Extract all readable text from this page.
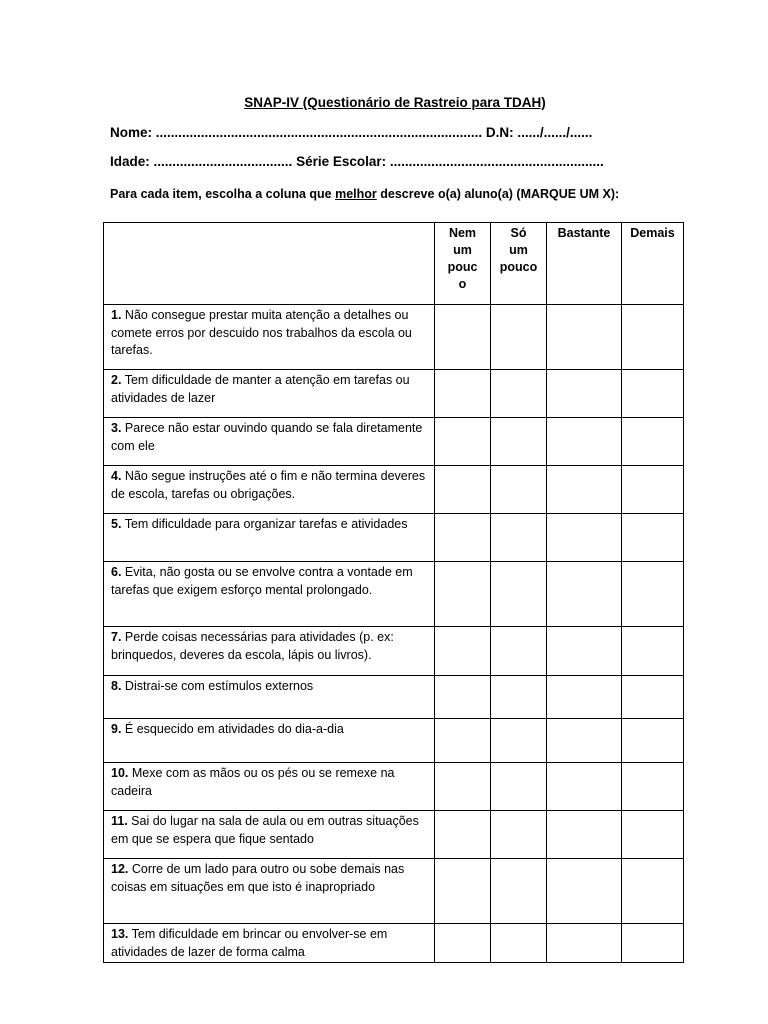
SNAP-IV (Questionário de Rastreio para TDAH)
Nome: ....................................................................................... D.N: ....../....../......
Idade: ..................................... Série Escolar: .........................................................
Para cada item, escolha a coluna que melhor descreve o(a) aluno(a) (MARQUE UM X):

	Nem
um
pouc
o	Só
um
pouco	Bastante	Demais

1. Não consegue prestar muita atenção a detalhes ou comete erros por descuido nos trabalhos da escola ou tarefas.				
2. Tem dificuldade de manter a atenção em tarefas ou atividades de lazer				
3. Parece não estar ouvindo quando se fala diretamente com ele				
4. Não segue instruções até o fim e não termina deveres de escola, tarefas ou obrigações.				
5. Tem dificuldade para organizar tarefas e atividades				
6. Evita, não gosta ou se envolve contra a vontade em tarefas que exigem esforço mental prolongado.				
7. Perde coisas necessárias para atividades (p. ex: brinquedos, deveres da escola, lápis ou livros).				
8. Distrai-se com estímulos externos				
9. É esquecido em atividades do dia-a-dia				
10. Mexe com as mãos ou os pés ou se remexe na cadeira				
11. Sai do lugar na sala de aula ou em outras situações em que se espera que fique sentado				
12. Corre de um lado para outro ou sobe demais nas coisas em situações em que isto é inapropriado				
13. Tem dificuldade em brincar ou envolver-se em atividades de lazer de forma calma				
